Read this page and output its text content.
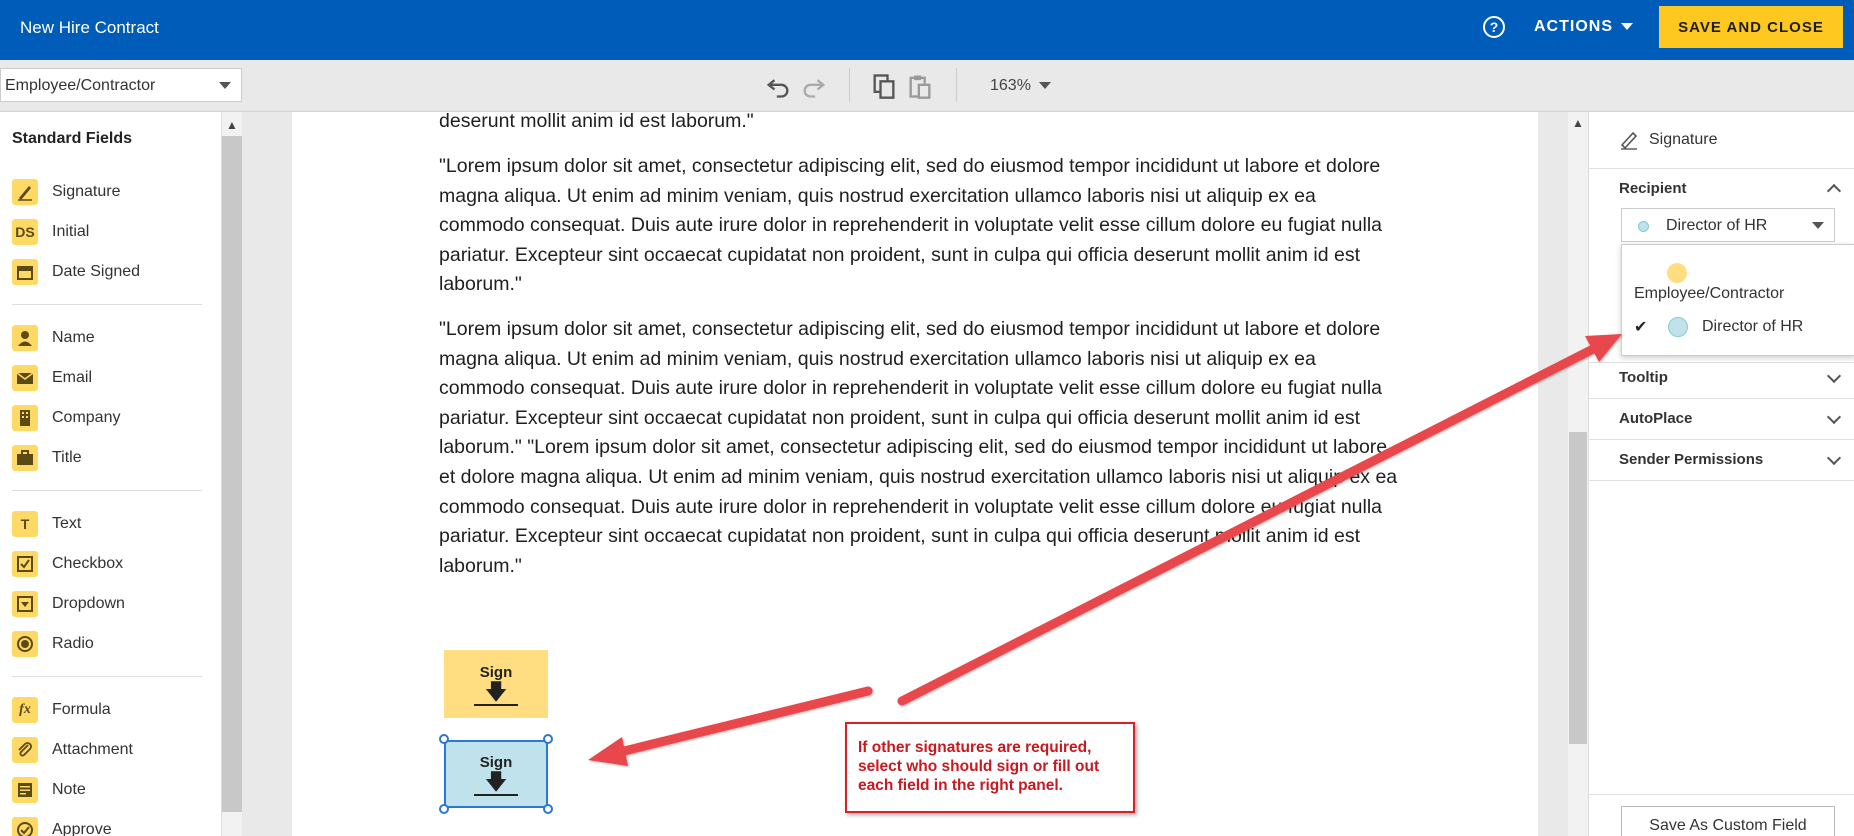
New Hire Contract	?	ACTIONS	SAVE AND CLOSE
Employee/Contractor	163%
Standard Fields
Signature
DS Initial
Date Signed
Name
Email
Company
Title
T	Text
Checkbox
Dropdown
Radio
fx	Formula
Attachment
Note
Approve
▲	deserunt mollit anim id est laborum."
"Lorem ipsum dolor sit amet, consectetur adipiscing elit, sed do eiusmod tempor incididunt ut labore et dolore magna aliqua. Ut enim ad minim veniam, quis nostrud exercitation ullamco laboris nisi ut aliquip ex ea commodo consequat. Duis aute irure dolor in reprehenderit in voluptate velit esse cillum dolore eu fugiat nulla pariatur. Excepteur sint occaecat cupidatat non proident, sunt in culpa qui officia deserunt mollit anim id est laborum."
"Lorem ipsum dolor sit amet, consectetur adipiscing elit, sed do eiusmod tempor incididunt ut labore et dolore magna aliqua. Ut enim ad minim veniam, quis nostrud exercitation ullamco laboris nisi ut aliquip ex ea commodo consequat. Duis aute irure dolor in reprehenderit in voluptate velit esse cillum dolore eu fugiat nulla pariatur. Excepteur sint occaecat cupidatat non proident, sunt in culpa qui officia deserunt mollit anim id est laborum." "Lorem ipsum dolor sit amet, consectetur adipiscing elit, sed do eiusmod tempor incididunt ut labore et dolore magna aliqua. Ut enim ad minim veniam, quis nostrud exercitation ullamco laboris nisi ut aliquip ex ea commodo consequat. Duis aute irure dolor in reprehenderit in voluptate velit esse cillum dolore eu fugiat nulla pariatur. Excepteur sint occaecat cupidatat non proident, sunt in culpa qui officia deserunt mollit anim id est laborum."
Sign
🡇
Sign
🡇
▲
Signature
Recipient
Director of HR
Employee/Contractor
✔	Director of HR
Tooltip
AutoPlace
Sender Permissions
Save As Custom Field
If other signatures are required, select who should sign or fill out each field in the right panel.
